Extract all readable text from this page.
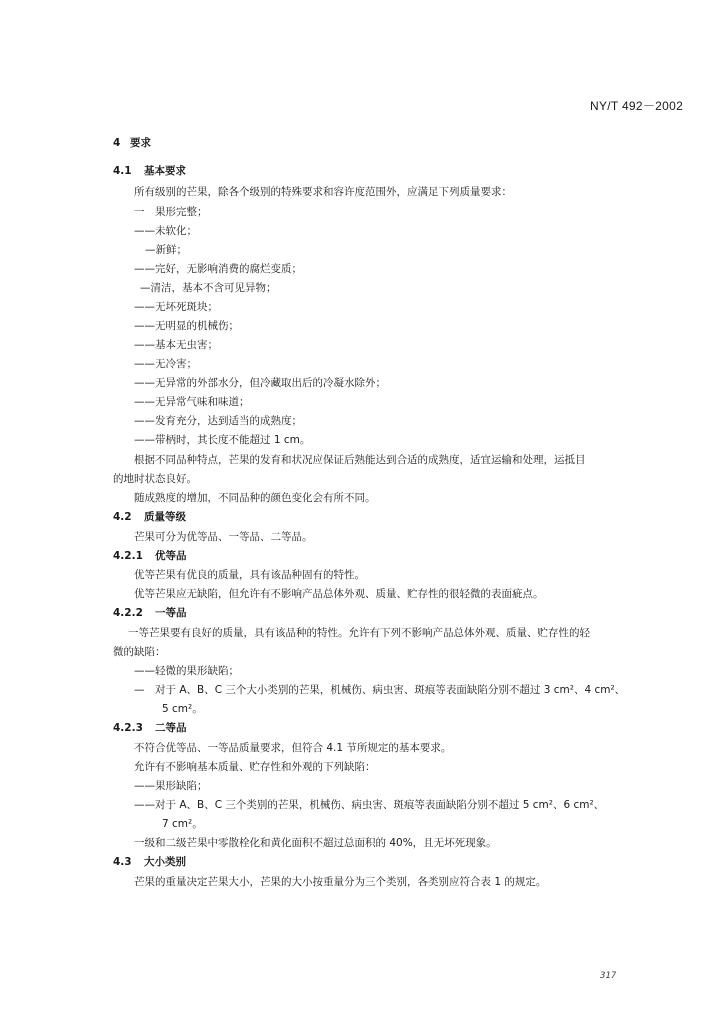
NY/T 492－2002
4 要求
4.1 基本要求
所有级别的芒果，除各个级别的特殊要求和容许度范围外，应满足下列质量要求：
一　果形完整；
——未软化；
—新鲜；
——完好，无影响消费的腐烂变质；
—清洁，基本不含可见异物；
——无坏死斑块；
——无明显的机械伤；
——基本无虫害；
——无冷害；
——无异常的外部水分，但冷藏取出后的冷凝水除外；
——无异常气味和味道；
——发育充分，达到适当的成熟度；
——带柄时，其长度不能超过 1 cm。
根据不同品种特点，芒果的发育和状况应保证后熟能达到合适的成熟度，适宜运输和处理，运抵目
的地时状态良好。
随成熟度的增加，不同品种的颜色变化会有所不同。
4.2 质量等级
芒果可分为优等品、一等品、二等品。
4.2.1 优等品
优等芒果有优良的质量，具有该品种固有的特性。
优等芒果应无缺陷，但允许有不影响产品总体外观、质量、贮存性的很轻微的表面疵点。
4.2.2 一等品
一等芒果要有良好的质量，具有该品种的特性。允许有下列不影响产品总体外观、质量、贮存性的轻
微的缺陷：
——轻微的果形缺陷；
—　对于 A、B、C 三个大小类别的芒果，机械伤、病虫害、斑痕等表面缺陷分别不超过 3 cm²、4 cm²、
5 cm²。
4.2.3 二等品
不符合优等品、一等品质量要求，但符合 4.1 节所规定的基本要求。
允许有不影响基本质量、贮存性和外观的下列缺陷：
——果形缺陷；
——对于 A、B、C 三个类别的芒果，机械伤、病虫害、斑痕等表面缺陷分别不超过 5 cm²、6 cm²、
7 cm²。
一级和二级芒果中零散栓化和黄化面积不超过总面积的 40%，且无坏死现象。
4.3 大小类别
芒果的重量决定芒果大小，芒果的大小按重量分为三个类别，各类别应符合表 1 的规定。
317
